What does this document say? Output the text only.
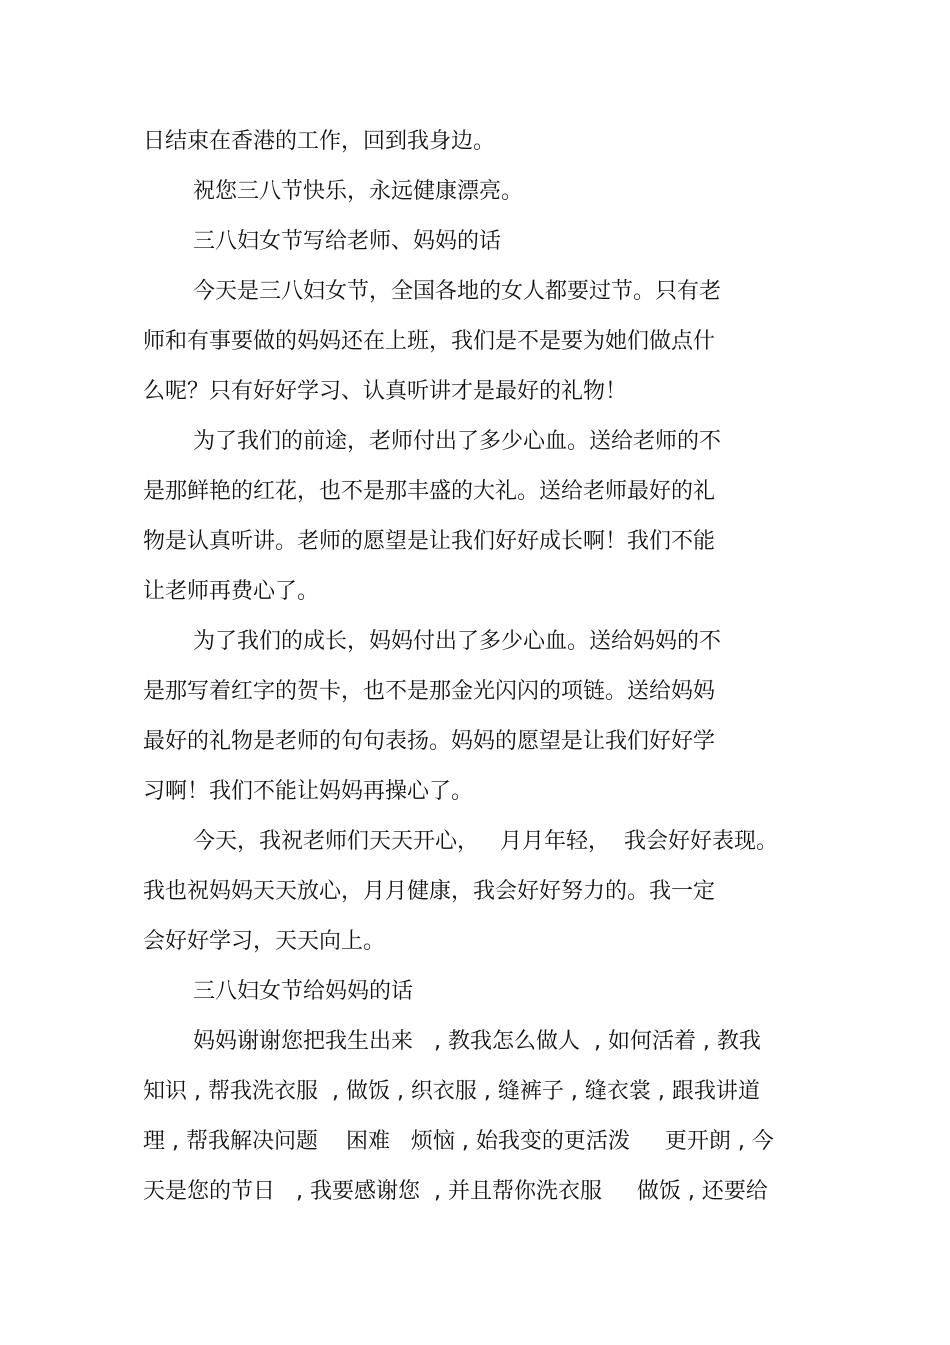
日结束在香港的工作，回到我身边。
祝您三八节快乐，永远健康漂亮。
三八妇女节写给老师、妈妈的话
今天是三八妇女节，全国各地的女人都要过节。只有老
师和有事要做的妈妈还在上班，我们是不是要为她们做点什
么呢？只有好好学习、认真听讲才是最好的礼物！
为了我们的前途，老师付出了多少心血。送给老师的不
是那鲜艳的红花，也不是那丰盛的大礼。送给老师最好的礼
物是认真听讲。老师的愿望是让我们好好成长啊！我们不能
让老师再费心了。
为了我们的成长，妈妈付出了多少心血。送给妈妈的不
是那写着红字的贺卡，也不是那金光闪闪的项链。送给妈妈
最好的礼物是老师的句句表扬。妈妈的愿望是让我们好好学
习啊！我们不能让妈妈再操心了。
今天，我祝老师们天天开心，   月月年轻，  我会好好表现。
我也祝妈妈天天放心，月月健康，我会好好努力的。我一定
会好好学习，天天向上。
三八妇女节给妈妈的话
妈妈谢谢您把我生出来   , 教我怎么做人  , 如何活着 , 教我
知识 , 帮我洗衣服  , 做饭 , 织衣服 , 缝裤子 , 缝衣裳 , 跟我讲道
理 , 帮我解决问题    困难   烦恼 , 始我变的更活泼     更开朗 , 今
天是您的节日   , 我要感谢您  , 并且帮你洗衣服     做饭 , 还要给
